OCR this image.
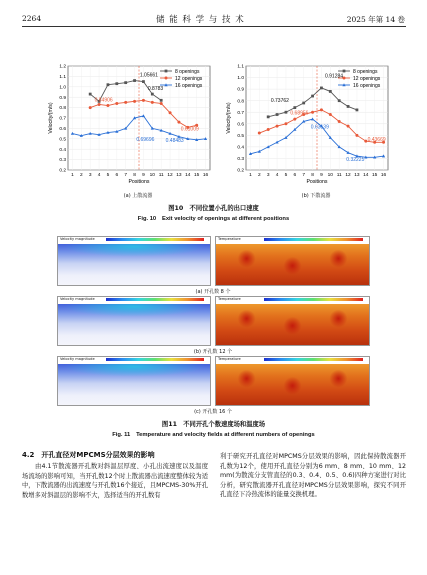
2264	储 能 科 学 与 技 术	2025 年第 14 卷
0.2
0.3
0.4
0.5
0.6
0.7
0.8
0.9
1.0
1.1
1.2
1 2 3 4 5 6 7 8 9 10 11 12 13 14 15 16
Positions
Velocity/(m/s)
8 openings
12 openings
16 openings
0.84906
1.05661
0.8783
0.61009
0.69696 0.48483
0.2
0.3
0.4
0.5
0.6
0.7
0.8
0.9
1.0
1.1
1 2 3 4 5 6 7 8 9 10 11 12 13 14 15 16
Positions
Velocity/(m/s)
8 openings
12 openings
16 openings
0.73762
0.91284
0.68956
0.63139
0.43669
0.32225
(a) 上散流器	(b) 下散流器
图10　不同位置小孔的出口速度
Fig. 10　Exit velocity of openings at different positions
Velocity magnitude	Temperature
(a) 开孔数 8 个
Velocity magnitude	Temperature
(b) 开孔数 12 个
Velocity magnitude	Temperature
(c) 开孔数 16 个
图11　不同开孔个数速度场和温度场
Fig. 11　Temperature and velocity fields at different numbers of openings
4.2　开孔直径对MPCMS分层效果的影响
由4.1节散流器开孔数对斜温层厚度、小孔出流速度以及温度场流场的影响可知，当开孔数12个时上散流器出流速度整体较为适中，下散流器的出流速度与开孔数16个接近，且MPCMS-30%开孔数增多对斜温层的影响不大，选择适当的开孔数有
利于研究开孔直径对MPCMS分层效果的影响，因此保持散流器开孔数为12个，使用开孔直径分别为6 mm、8 mm、10 mm、12 mm(为散流分支管直径的0.3、0.4、0.5、0.6)四种方案进行对比分析，研究散流器开孔直径对MPCMS分层效果影响，探究不同开孔直径下冷热流体的能量交换机理。
